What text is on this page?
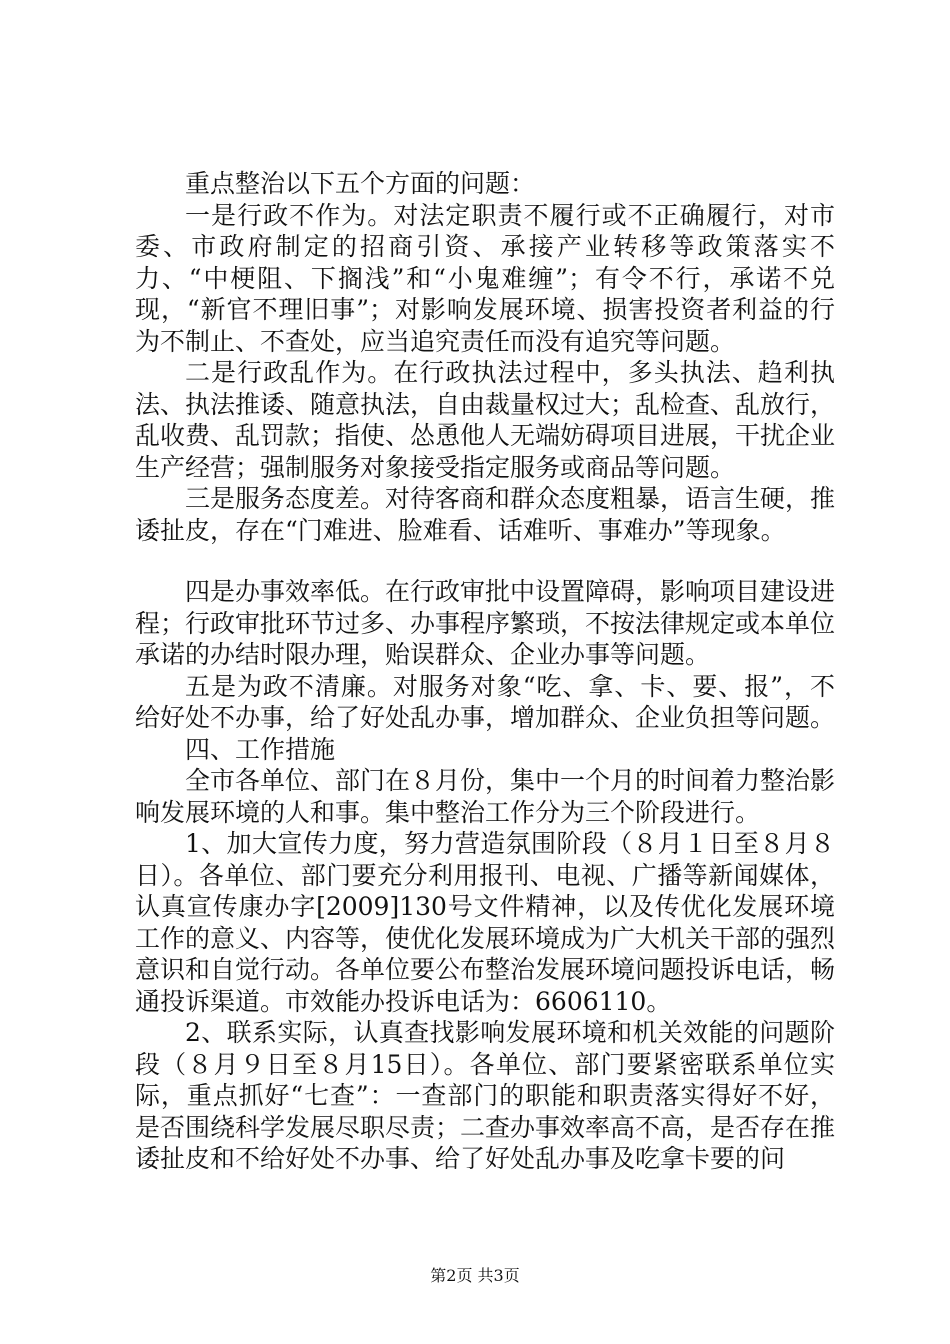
重点整治以下五个方面的问题：

一是行政不作为。对法定职责不履行或不正确履行，对市委、市政府制定的招商引资、承接产业转移等政策落实不力、“中梗阻、下搁浅”和“小鬼难缠”；有令不行，承诺不兑现，“新官不理旧事”；对影响发展环境、损害投资者利益的行为不制止、不查处，应当追究责任而没有追究等问题。

二是行政乱作为。在行政执法过程中，多头执法、趋利执法、执法推诿、随意执法，自由裁量权过大；乱检查、乱放行，乱收费、乱罚款；指使、怂恿他人无端妨碍项目进展，干扰企业生产经营；强制服务对象接受指定服务或商品等问题。

三是服务态度差。对待客商和群众态度粗暴，语言生硬，推诿扯皮，存在“门难进、脸难看、话难听、事难办”等现象。

四是办事效率低。在行政审批中设置障碍，影响项目建设进程；行政审批环节过多、办事程序繁琐，不按法律规定或本单位承诺的办结时限办理，贻误群众、企业办事等问题。

五是为政不清廉。对服务对象“吃、拿、卡、要、报”，不给好处不办事，给了好处乱办事，增加群众、企业负担等问题。

四、工作措施

全市各单位、部门在８月份，集中一个月的时间着力整治影响发展环境的人和事。集中整治工作分为三个阶段进行。

1、加大宣传力度，努力营造氛围阶段（８月１日至８月８日）。各单位、部门要充分利用报刊、电视、广播等新闻媒体，认真宣传康办字[2009]130号文件精神，以及传优化发展环境工作的意义、内容等，使优化发展环境成为广大机关干部的强烈意识和自觉行动。各单位要公布整治发展环境问题投诉电话，畅通投诉渠道。市效能办投诉电话为：6606110。

2、联系实际，认真查找影响发展环境和机关效能的问题阶段（８月９日至８月15日）。各单位、部门要紧密联系单位实际，重点抓好“七查”：一查部门的职能和职责落实得好不好，是否围绕科学发展尽职尽责；二查办事效率高不高，是否存在推诿扯皮和不给好处不办事、给了好处乱办事及吃拿卡要的问

第2页 共3页
